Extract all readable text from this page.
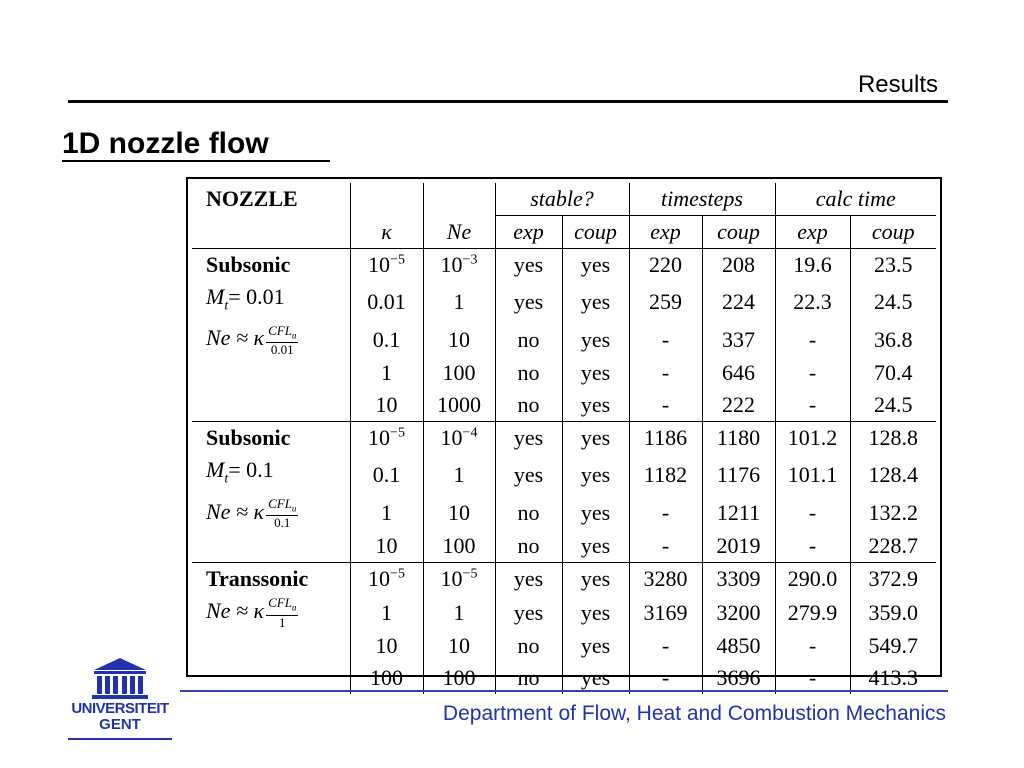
Results
1D nozzle flow
NOZZLE			stable?		timesteps		calc time	
	κ	Ne	exp	coup	exp	coup	exp	coup
Subsonic	$10^{-5}$	$10^{-3}$	yes	yes	220	208	19.6	23.5
$M_t= 0.01$	0.01	1	yes	yes	259	224	22.3	24.5
Ne ≈ κ $\frac{CFL_u}{0.01}$	0.1	10	no	yes	-	337	-	36.8
	1	100	no	yes	-	646	-	70.4
	10	1000	no	yes	-	222	-	24.5
Subsonic	$10^{-5}$	$10^{-4}$	yes	yes	1186	1180	101.2	128.8
$M_t= 0.1$	0.1	1	yes	yes	1182	1176	101.1	128.4
Ne ≈ κ $\frac{CFL_u}{0.1}$	1	10	no	yes	-	1211	-	132.2
	10	100	no	yes	-	2019	-	228.7
Transsonic	$10^{-5}$	$10^{-5}$	yes	yes	3280	3309	290.0	372.9
Ne ≈ κ $\frac{CFL_u}{1}$	1	1	yes	yes	3169	3200	279.9	359.0
	10	10	no	yes	-	4850	-	549.7
	100	100	no	yes	-	3696	-	413.3
UNIVERSITEIT
GENT	Department of Flow, Heat and Combustion Mechanics
